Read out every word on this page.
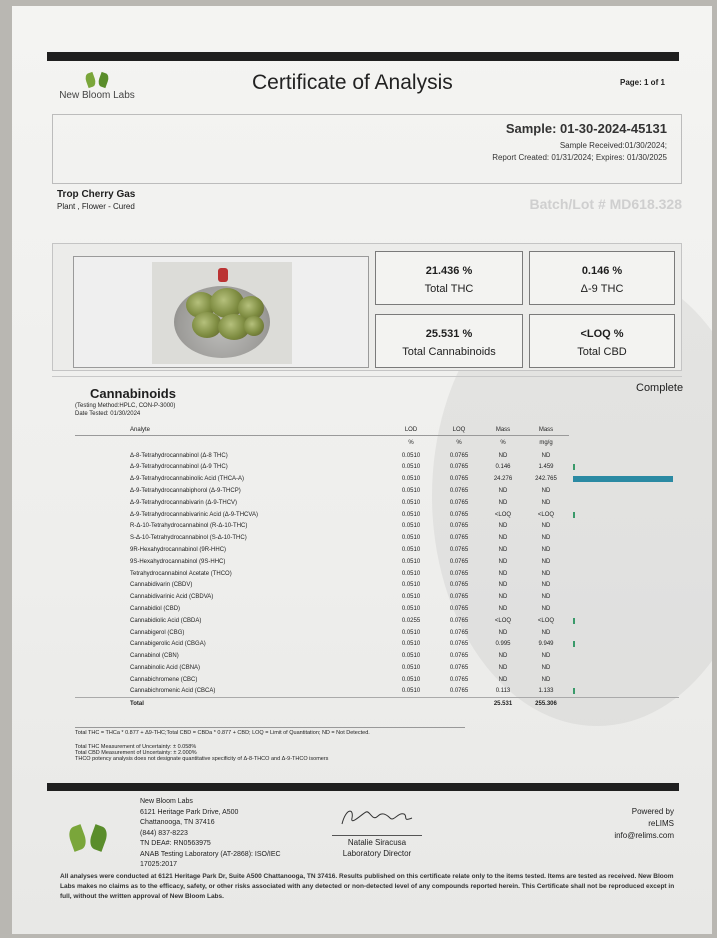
New Bloom Labs
Certificate of Analysis	Page: 1 of 1
Sample: 01-30-2024-45131
Sample Received:01/30/2024;
Report Created: 01/31/2024; Expires: 01/30/2025
Trop Cherry Gas
Plant , Flower - Cured	Batch/Lot # MD618.328
21.436 %
Total THC
0.146 %
Δ-9 THC
25.531 %
Total Cannabinoids
<LOQ %
Total CBD
Cannabinoids	Complete
(Testing Method:HPLC, CON-P-3000)
Date Tested: 01/30/2024
Analyte	LOD	LOQ	Mass	Mass	
	%	%	%	mg/g	
Δ-8-Tetrahydrocannabinol (Δ-8 THC)	0.0510	0.0765	ND	ND	
Δ-9-Tetrahydrocannabinol (Δ-9 THC)	0.0510	0.0765	0.146	1.459	

Δ-9-Tetrahydrocannabinolic Acid (THCA-A)	0.0510	0.0765	24.276	242.765	

Δ-9-Tetrahydrocannabiphorol (Δ-9-THCP)	0.0510	0.0765	ND	ND	
Δ-9-Tetrahydrocannabivarin (Δ-9-THCV)	0.0510	0.0765	ND	ND	
Δ-9-Tetrahydrocannabivarinic Acid (Δ-9-THCVA)	0.0510	0.0765	<LOQ	<LOQ	

R-Δ-10-Tetrahydrocannabinol (R-Δ-10-THC)	0.0510	0.0765	ND	ND	
S-Δ-10-Tetrahydrocannabinol (S-Δ-10-THC)	0.0510	0.0765	ND	ND	
9R-Hexahydrocannabinol (9R-HHC)	0.0510	0.0765	ND	ND	
9S-Hexahydrocannabinol (9S-HHC)	0.0510	0.0765	ND	ND	
Tetrahydrocannabinol Acetate (THCO)	0.0510	0.0765	ND	ND	
Cannabidivarin (CBDV)	0.0510	0.0765	ND	ND	
Cannabidivarinic Acid (CBDVA)	0.0510	0.0765	ND	ND	
Cannabidiol (CBD)	0.0510	0.0765	ND	ND	
Cannabidiolic Acid (CBDA)	0.0255	0.0765	<LOQ	<LOQ	

Cannabigerol (CBG)	0.0510	0.0765	ND	ND	
Cannabigerolic Acid (CBGA)	0.0510	0.0765	0.995	9.949	

Cannabinol (CBN)	0.0510	0.0765	ND	ND	
Cannabinolic Acid (CBNA)	0.0510	0.0765	ND	ND	
Cannabichromene (CBC)	0.0510	0.0765	ND	ND	
Cannabichromenic Acid (CBCA)	0.0510	0.0765	0.113	1.133	

Total			25.531	255.306	
Total THC = THCa * 0.877 + Δ9-THC;Total CBD = CBDa * 0.877 + CBD; LOQ = Limit of Quantitation; ND = Not Detected.
Total THC Measurement of Uncertainty: ± 0.058%
Total CBD Measurement of Uncertainty: ± 2.000%
THCO potency analysis does not designate quantitative specificity of Δ-8-THCO and Δ-9-THCO isomers
New Bloom Labs
6121 Heritage Park Drive, A500
Chattanooga, TN 37416
(844) 837-8223
TN DEA#: RN0563975
ANAB Testing Laboratory (AT-2868): ISO/IEC
17025:2017
Natalie Siracusa
Laboratory Director
Powered by
reLIMS
info@relims.com
All analyses were conducted at 6121 Heritage Park Dr, Suite A500 Chattanooga, TN 37416. Results published on this certificate relate only to the items tested. Items are tested as received. New Bloom Labs makes no claims as to the efficacy, safety, or other risks associated with any detected or non-detected level of any compounds reported herein. This Certificate shall not be reproduced except in full, without the written approval of New Bloom Labs.
